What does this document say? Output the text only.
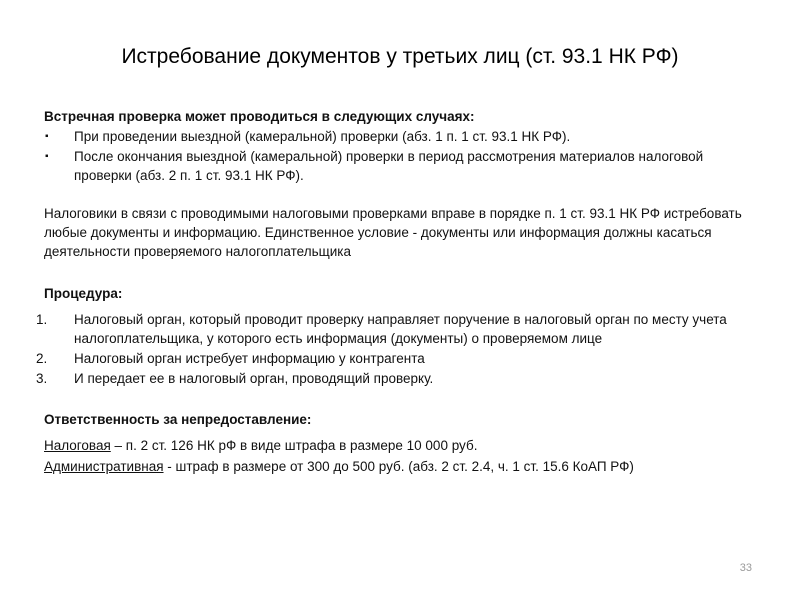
Истребование документов у третьих лиц (ст. 93.1 НК РФ)
Встречная проверка может проводиться в следующих случаях:
▪ При проведении выездной (камеральной) проверки (абз. 1 п. 1 ст. 93.1 НК РФ).
▪ После окончания выездной (камеральной) проверки в период рассмотрения материалов налоговой проверки (абз. 2 п. 1 ст. 93.1 НК РФ).
Налоговики в связи с проводимыми налоговыми проверками вправе в порядке п. 1 ст. 93.1 НК РФ истребовать любые документы и информацию. Единственное условие - документы или информация должны касаться деятельности проверяемого налогоплательщика
Процедура:
1. Налоговый орган, который проводит проверку направляет поручение в налоговый орган по месту учета налогоплательщика, у которого есть информация (документы) о проверяемом лице
2. Налоговый орган истребует информацию у контрагента
3. И передает ее в налоговый орган, проводящий проверку.
Ответственность за непредоставление:
Налоговая – п. 2 ст. 126 НК рФ в виде штрафа в размере 10 000 руб.
Административная - штраф в размере от 300 до 500 руб. (абз. 2 ст. 2.4, ч. 1 ст. 15.6 КоАП РФ)
33
